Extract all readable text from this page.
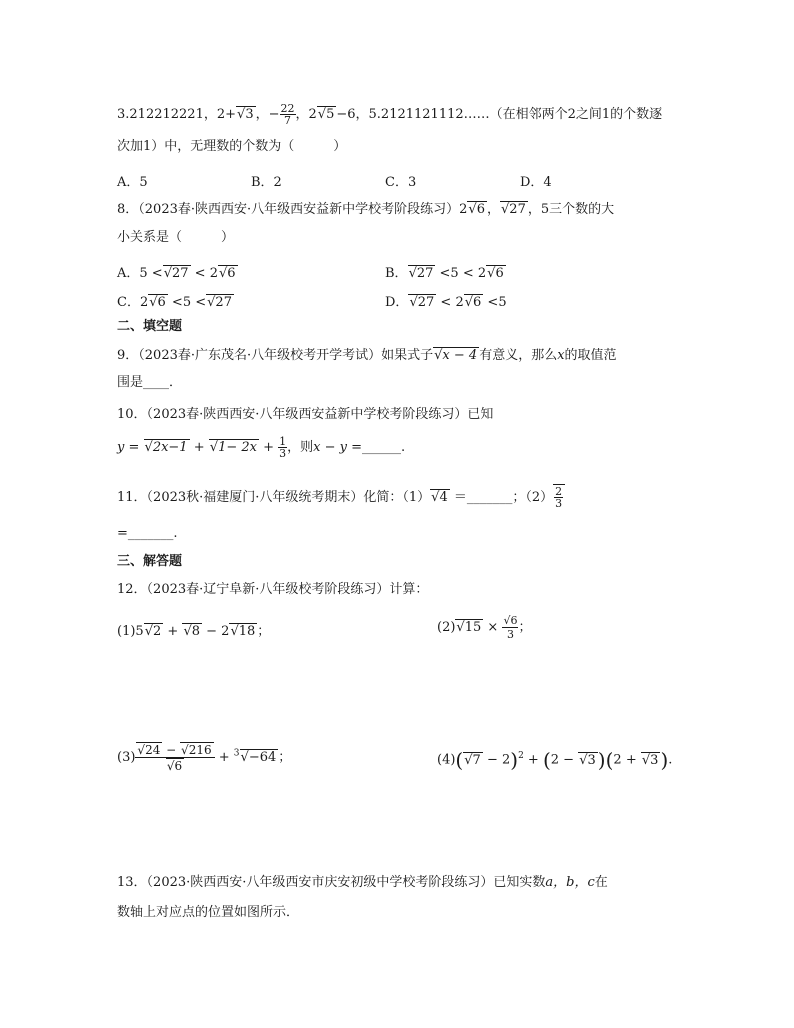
3.212212221，2+√3 ，− $\frac{22}{7}$ ，2√5 −6，5.2121121112……（在相邻两个2之间1的个数逐
次加1）中，无理数的个数为（　　　）
A．5	B．2	C．3	D．4
8．（2023春·陕西西安·八年级西安益新中学校考阶段练习）2√6 ，√27 ，5三个数的大
小关系是（　　　）
A．5 <√27 < 2√6	B．√27 <5 < 2√6
C．2√6 <5 <√27	D．√27 < 2√6 <5
二、填空题
9．（2023春·广东茂名·八年级校考开学考试）如果式子√x − 4 有意义，那么x的取值范
围是____．
10．（2023春·陕西西安·八年级西安益新中学校考阶段练习）已知
$y = √2x-1 + √1- 2x + \frac{1}{3}$ ，则x − y =______.
11．（2023秋·福建厦门·八年级统考期末）化简：（1）√4 ＝_______；$(2) \frac{2}{3}$
=_______.
三、解答题
12．（2023春·辽宁阜新·八年级校考阶段练习）计算：
(1)5√2 + √8 − 2√18 ；	$(2)√15 \times \frac{√6}{3}$ ；
$(3) \frac{√24 - √216}{√6} + ^3√-64$ ；	$(4)(√7 - 2)^2 + (2 - √3$ )(2 + √3 ).
13．（2023·陕西西安·八年级西安市庆安初级中学校考阶段练习）已知实数a，b，c在
数轴上对应点的位置如图所示．
